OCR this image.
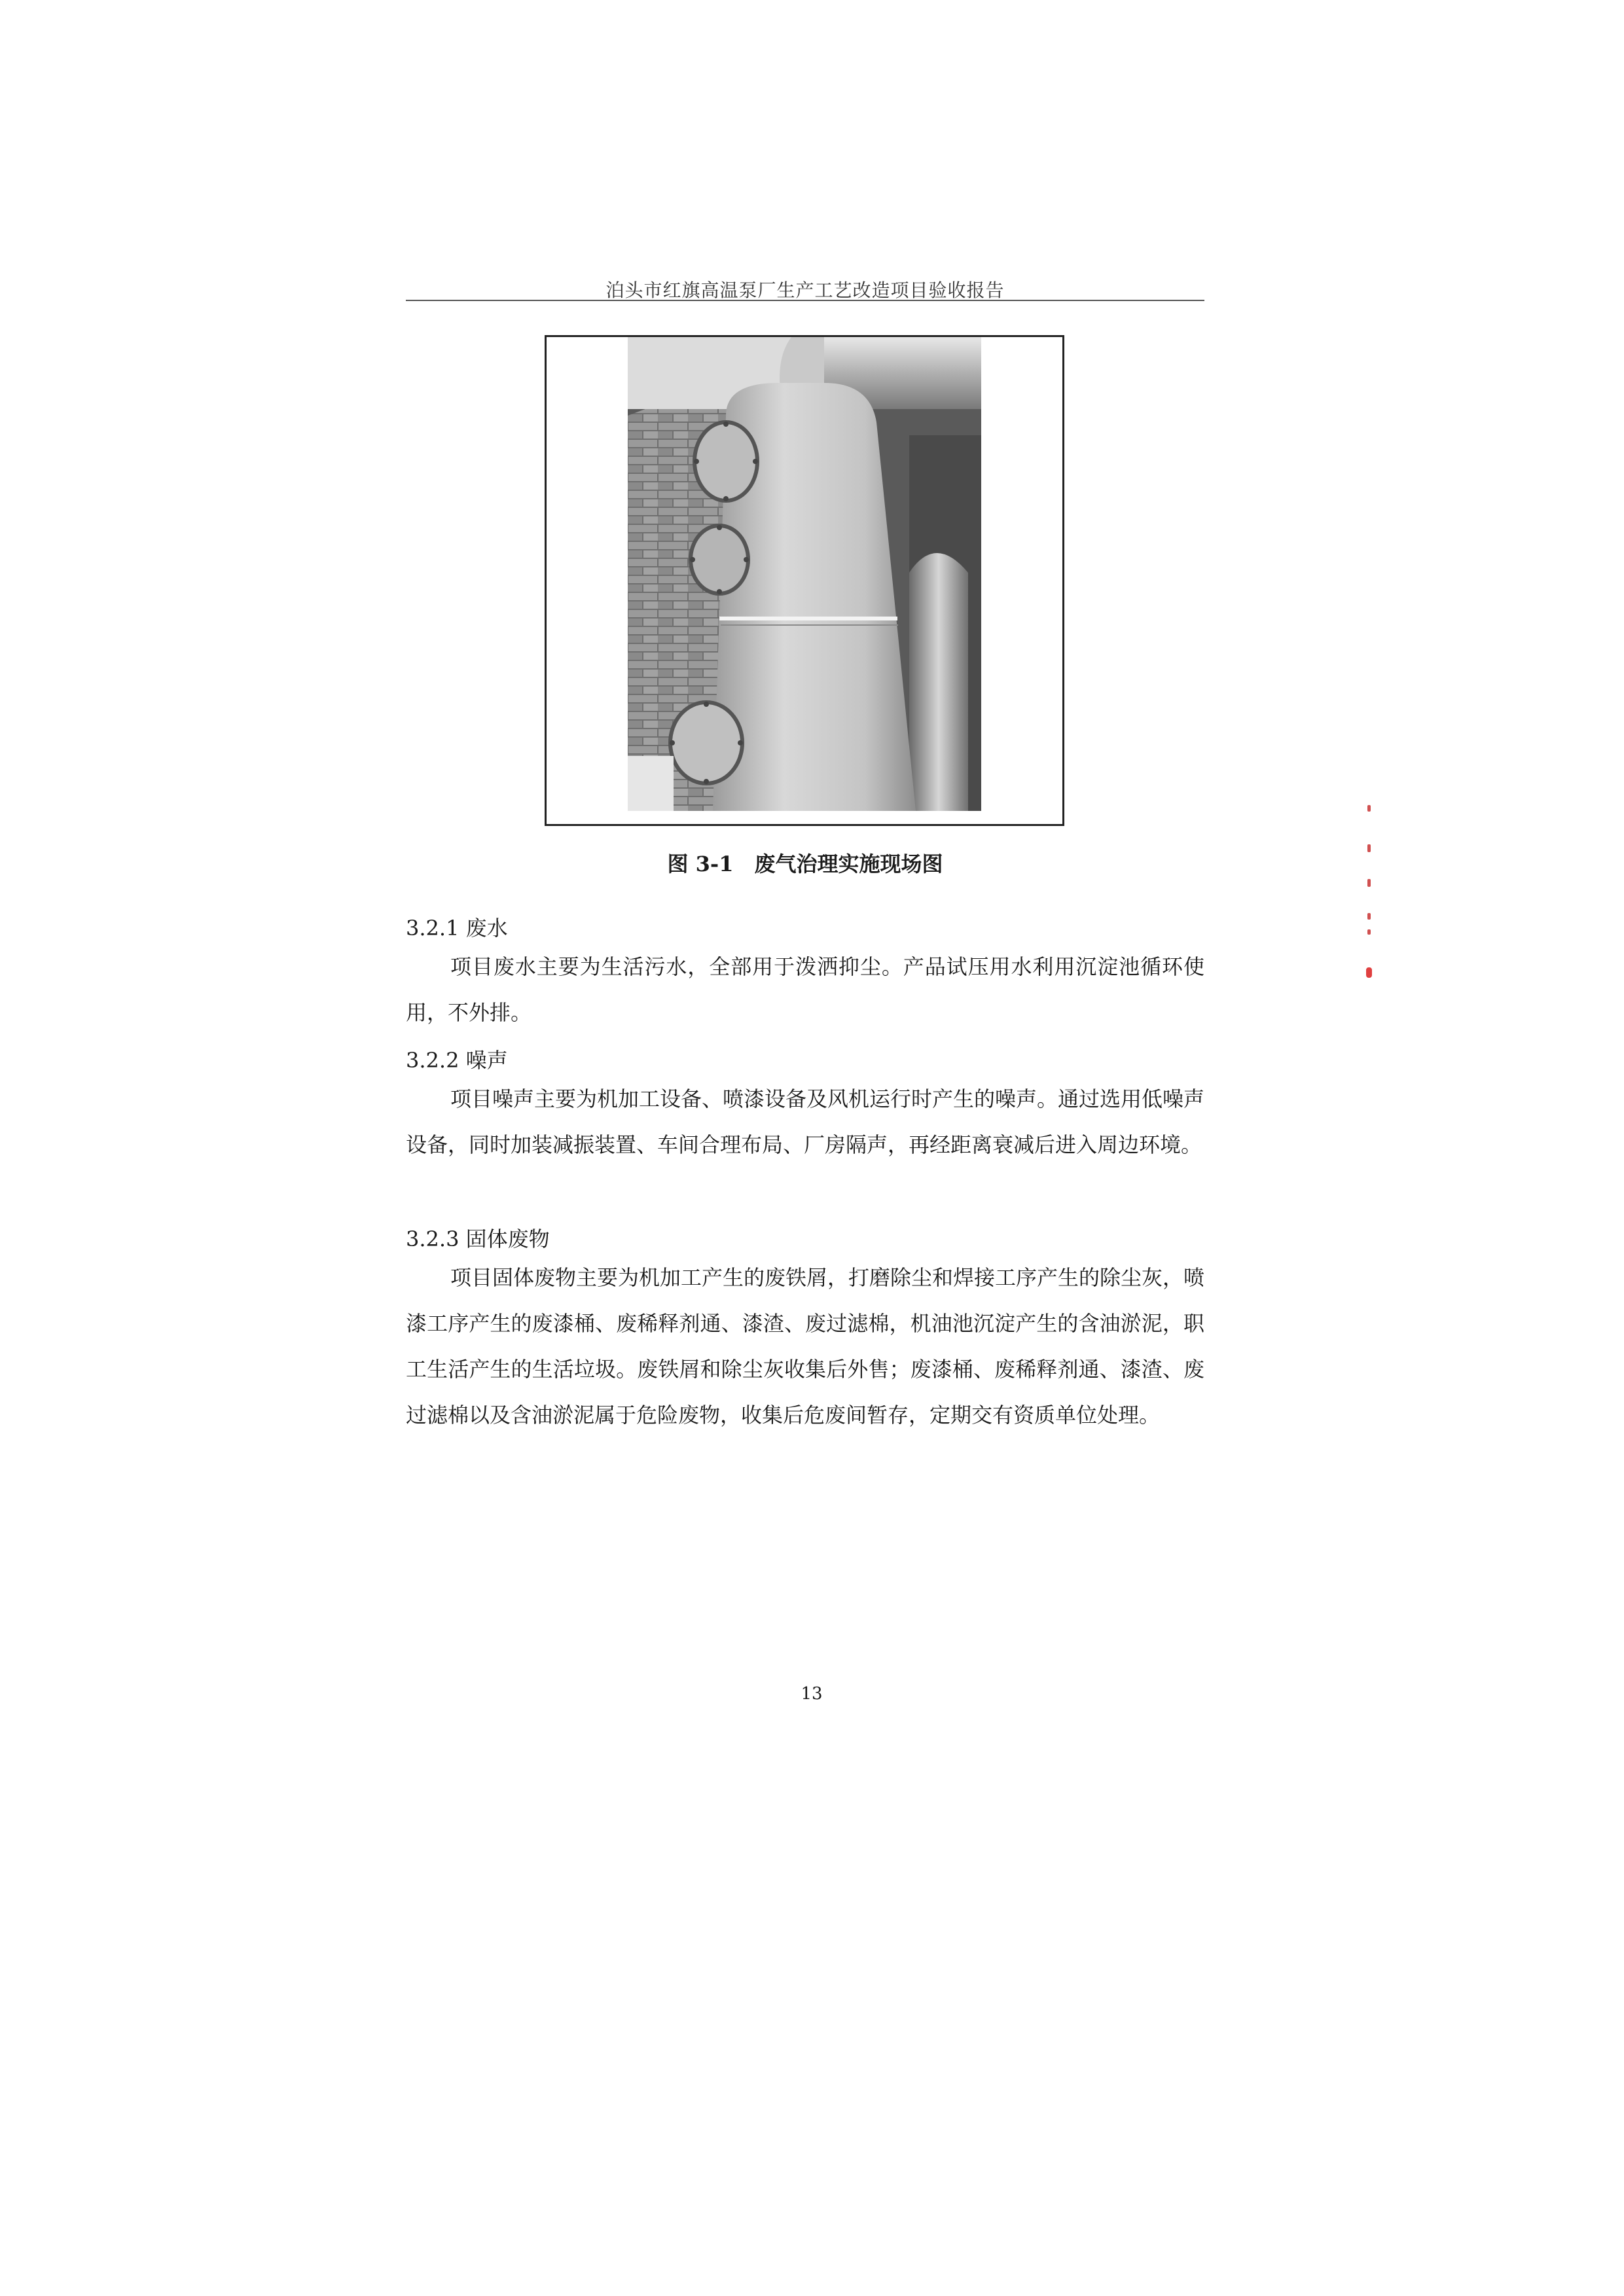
泊头市红旗高温泵厂生产工艺改造项目验收报告
图 3-1　废气治理实施现场图
3.2.1 废水
项目废水主要为生活污水，全部用于泼洒抑尘。产品试压用水利用沉淀池循环使用，不外排。
3.2.2 噪声
项目噪声主要为机加工设备、喷漆设备及风机运行时产生的噪声。通过选用低噪声设备，同时加装减振装置、车间合理布局、厂房隔声，再经距离衰减后进入周边环境。
3.2.3 固体废物
项目固体废物主要为机加工产生的废铁屑，打磨除尘和焊接工序产生的除尘灰，喷漆工序产生的废漆桶、废稀释剂通、漆渣、废过滤棉，机油池沉淀产生的含油淤泥，职工生活产生的生活垃圾。废铁屑和除尘灰收集后外售；废漆桶、废稀释剂通、漆渣、废过滤棉以及含油淤泥属于危险废物，收集后危废间暂存，定期交有资质单位处理。
13
